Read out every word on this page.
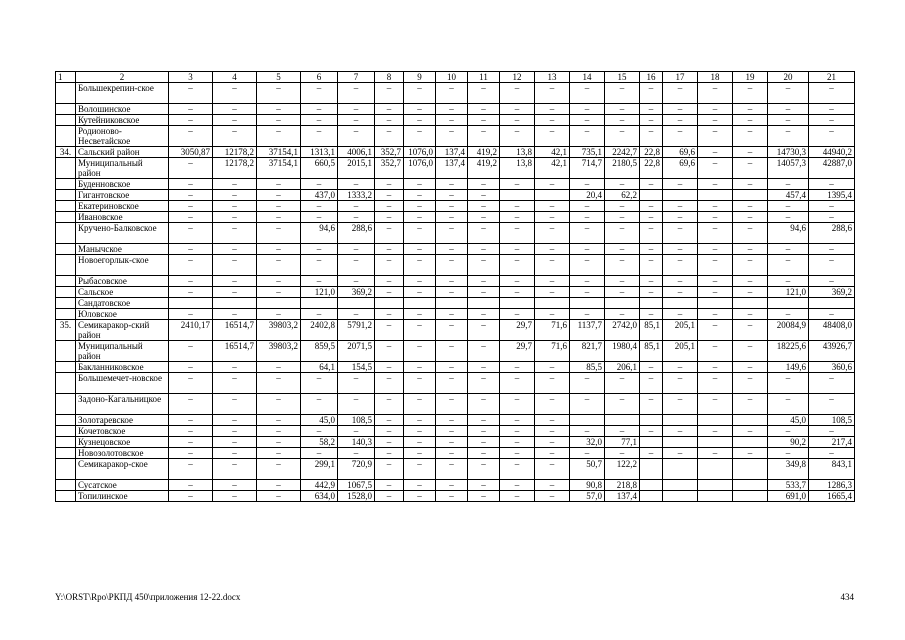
1	2	3	4	5	6	7	8	9	10	11	12	13	14	15	16	17	18	19	20	21
	Большекрепин-ское	–	–	–	–	–	–	–	–	–	–	–	–	–	–	–	–	–	–	–
	Волошинское	–	–	–	–	–	–	–	–	–	–	–	–	–	–	–	–	–	–	–
	Кутейниковское	–	–	–	–	–	–	–	–	–	–	–	–	–	–	–	–	–	–	–
	Родионово-Несветайское	–	–	–	–	–	–	–	–	–	–	–	–	–	–	–	–	–	–	–
34.	Сальский район	3050,87	12178,2	37154,1	1313,1	4006,1	352,7	1076,0	137,4	419,2	13,8	42,1	735,1	2242,7	22,8	69,6	–	–	14730,3	44940,2
	Муниципальный район	–	12178,2	37154,1	660,5	2015,1	352,7	1076,0	137,4	419,2	13,8	42,1	714,7	2180,5	22,8	69,6	–	–	14057,3	42887,0
	Буденновское	–	–	–	–	–	–	–	–	–	–	–	–	–	–	–	–	–	–	–
	Гигантовское	–	–	–	437,0	1333,2	–	–	–	–			20,4	62,2					457,4	1395,4
	Екатериновское	–	–	–	–	–	–	–	–	–	–	–	–	–	–	–	–	–	–	–
	Ивановское	–	–	–	–	–	–	–	–	–	–	–	–	–	–	–	–	–	–	–
	Кручено-Балковское	–	–	–	94,6	288,6	–	–	–	–	–	–	–	–	–	–	–	–	94,6	288,6
	Манычское	–	–	–	–	–	–	–	–	–	–	–	–	–	–	–	–	–	–	–
	Новоегорлык-ское	–	–	–	–	–	–	–	–	–	–	–	–	–	–	–	–	–	–	–
	Рыбасовское	–	–	–	–	–	–	–	–	–	–	–	–	–	–	–	–	–	–	–
	Сальское	–	–	–	121,0	369,2	–	–	–	–	–	–	–	–	–	–	–	–	121,0	369,2
	Сандатовское																			
	Юловское	–	–	–	–	–	–	–	–	–	–	–	–	–	–	–	–	–	–	–
35.	Семикаракор-ский район	2410,17	16514,7	39803,2	2402,8	5791,2	–	–	–	–	29,7	71,6	1137,7	2742,0	85,1	205,1	–	–	20084,9	48408,0
	Муниципальный район	–	16514,7	39803,2	859,5	2071,5	–	–	–	–	29,7	71,6	821,7	1980,4	85,1	205,1	–	–	18225,6	43926,7
	Бакланниковское	–	–	–	64,1	154,5	–	–	–	–	–	–	85,5	206,1	–	–	–	–	149,6	360,6
	Большемечет-новское	–	–	–	–	–	–	–	–	–	–	–	–	–	–	–	–	–	–	–
	Задоно-Кагальницкое	–	–	–	–	–	–	–	–	–	–	–	–	–	–	–	–	–	–	–
	Золотаревское	–	–	–	45,0	108,5	–	–	–	–	–	–							45,0	108,5
	Кочетовское	–	–	–	–	–	–	–	–	–	–	–	–	–	–	–	–	–	–	–
	Кузнецовское	–	–	–	58,2	140,3	–	–	–	–	–	–	32,0	77,1					90,2	217,4
	Новозолотовское	–	–	–	–	–	–	–	–	–	–	–	–	–	–	–	–	–	–	–
	Семикаракор-ское	–	–	–	299,1	720,9	–	–	–	–	–	–	50,7	122,2					349,8	843,1
	Сусатское	–	–	–	442,9	1067,5	–	–	–	–	–	–	90,8	218,8					533,7	1286,3
	Топилинское	–	–	–	634,0	1528,0	–	–	–	–	–	–	57,0	137,4					691,0	1665,4
Y:\ORST\Rpo\РКПД 450\приложения 12-22.docx	434
